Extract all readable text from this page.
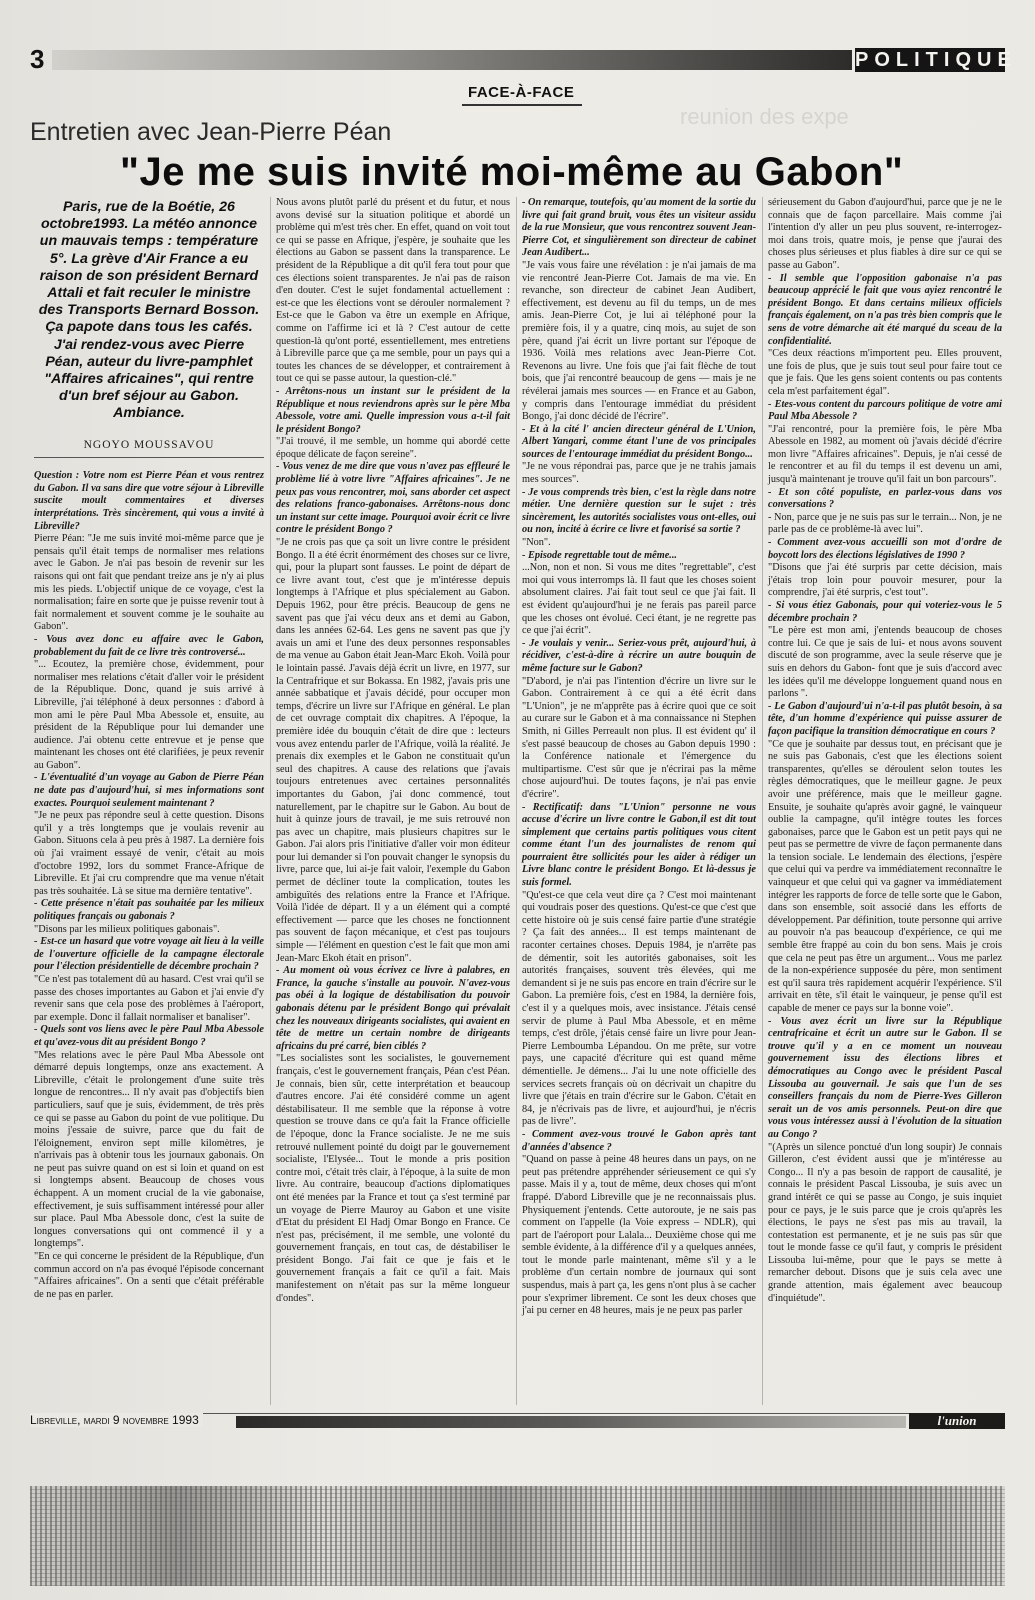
3	POLITIQUE
reunion des expe
FACE-À-FACE
Entretien avec Jean-Pierre Péan
"Je me suis invité moi-même au Gabon"
Paris, rue de la Boétie, 26 octobre1993. La météo annonce un mauvais temps : température 5°. La grève d'Air France a eu raison de son président Bernard Attali et fait reculer le ministre des Transports Bernard Bosson. Ça papote dans tous les cafés. J'ai rendez-vous avec Pierre Péan, auteur du livre-pamphlet "Affaires africaines", qui rentre d'un bref séjour au Gabon. Ambiance.
NGOYO MOUSSAVOU

Question : Votre nom est Pierre Péan et vous rentrez du Gabon. Il va sans dire que votre séjour à Libreville suscite moult commentaires et diverses interprétations. Très sincèrement, qui vous a invité à Libreville?

Pierre Péan: "Je me suis invité moi-même parce que je pensais qu'il était temps de normaliser mes relations avec le Gabon. Je n'ai pas besoin de revenir sur les raisons qui ont fait que pendant treize ans je n'y ai plus mis les pieds. L'objectif unique de ce voyage, c'est la normalisation; faire en sorte que je puisse revenir tout à fait normalement et souvent comme je le souhaite au Gabon".

- Vous avez donc eu affaire avec le Gabon, probablement du fait de ce livre très controversé...

"... Ecoutez, la première chose, évidemment, pour normaliser mes relations c'était d'aller voir le président de la République. Donc, quand je suis arrivé à Libreville, j'ai téléphoné à deux personnes : d'abord à mon ami le père Paul Mba Abessole et, ensuite, au président de la République pour lui demander une audience. J'ai obtenu cette entrevue et je pense que maintenant les choses ont été clarifiées, je peux revenir au Gabon".

- L'éventualité d'un voyage au Gabon de Pierre Péan ne date pas d'aujourd'hui, si mes informations sont exactes. Pourquoi seulement maintenant ?

"Je ne peux pas répondre seul à cette question. Disons qu'il y a très longtemps que je voulais revenir au Gabon. Situons cela à peu près à 1987. La dernière fois où j'ai vraiment essayé de venir, c'était au mois d'octobre 1992, lors du sommet France-Afrique de Libreville. Et j'ai cru comprendre que ma venue n'était pas très souhaitée. Là se situe ma dernière tentative".

- Cette présence n'était pas souhaitée par les milieux politiques français ou gabonais ?

"Disons par les milieux politiques gabonais".

- Est-ce un hasard que votre voyage ait lieu à la veille de l'ouverture officielle de la campagne électorale pour l'élection présidentielle de décembre prochain ?

"Ce n'est pas totalement dû au hasard. C'est vrai qu'il se passe des choses importantes au Gabon et j'ai envie d'y revenir sans que cela pose des problèmes à l'aéroport, par exemple. Donc il fallait normaliser et banaliser".

- Quels sont vos liens avec le père Paul Mba Abessole et qu'avez-vous dit au président Bongo ?

"Mes relations avec le père Paul Mba Abessole ont démarré depuis longtemps, onze ans exactement. A Libreville, c'était le prolongement d'une suite très longue de rencontres... Il n'y avait pas d'objectifs bien particuliers, sauf que je suis, évidemment, de très près ce qui se passe au Gabon du point de vue politique. Du moins j'essaie de suivre, parce que du fait de l'éloignement, environ sept mille kilomètres, je n'arrivais pas à obtenir tous les journaux gabonais. On ne peut pas suivre quand on est si loin et quand on est si longtemps absent. Beaucoup de choses vous échappent. A un moment crucial de la vie gabonaise, effectivement, je suis suffisamment intéressé pour aller sur place. Paul Mba Abessole donc, c'est la suite de longues conversations qui ont commencé il y a longtemps".

"En ce qui concerne le président de la République, d'un commun accord on n'a pas évoqué l'épisode concernant "Affaires africaines". On a senti que c'était préférable de ne pas en parler.

Nous avons plutôt parlé du présent et du futur, et nous avons devisé sur la situation politique et abordé un problème qui m'est très cher. En effet, quand on voit tout ce qui se passe en Afrique, j'espère, je souhaite que les élections au Gabon se passent dans la transparence. Le président de la République a dit qu'il fera tout pour que ces élections soient transparentes. Je n'ai pas de raison d'en douter. C'est le sujet fondamental actuellement : est-ce que les élections vont se dérouler normalement ? Est-ce que le Gabon va être un exemple en Afrique, comme on l'affirme ici et là ? C'est autour de cette question-là qu'ont porté, essentiellement, mes entretiens à Libreville parce que ça me semble, pour un pays qui a toutes les chances de se développer, et contrairement à tout ce qui se passe autour, la question-clé."

- Arrêtons-nous un instant sur le président de la République et nous reviendrons après sur le père Mba Abessole, votre ami. Quelle impression vous a-t-il fait le président Bongo?

"J'ai trouvé, il me semble, un homme qui abordé cette époque délicate de façon sereine".

- Vous venez de me dire que vous n'avez pas effleuré le problème lié à votre livre "Affaires africaines". Je ne peux pas vous rencontrer, moi, sans aborder cet aspect des relations franco-gabonaises. Arrêtons-nous donc un instant sur cette image. Pourquoi avoir écrit ce livre contre le président Bongo ?

"Je ne crois pas que ça soit un livre contre le président Bongo. Il a été écrit énormément des choses sur ce livre, qui, pour la plupart sont fausses. Le point de départ de ce livre avant tout, c'est que je m'intéresse depuis longtemps à l'Afrique et plus spécialement au Gabon. Depuis 1962, pour être précis. Beaucoup de gens ne savent pas que j'ai vécu deux ans et demi au Gabon, dans les années 62-64. Les gens ne savent pas que j'y avais un ami et l'une des deux personnes responsables de ma venue au Gabon était Jean-Marc Ekoh. Voilà pour le lointain passé. J'avais déjà écrit un livre, en 1977, sur la Centrafrique et sur Bokassa. En 1982, j'avais pris une année sabbatique et j'avais décidé, pour occuper mon temps, d'écrire un livre sur l'Afrique en général. Le plan de cet ouvrage comptait dix chapitres. A l'époque, la première idée du bouquin c'était de dire que : lecteurs vous avez entendu parler de l'Afrique, voilà la réalité. Je prenais dix exemples et le Gabon ne constituait qu'un seul des chapitres. A cause des relations que j'avais toujours entretenues avec certaines personnalités importantes du Gabon, j'ai donc commencé, tout naturellement, par le chapitre sur le Gabon. Au bout de huit à quinze jours de travail, je me suis retrouvé non pas avec un chapitre, mais plusieurs chapitres sur le Gabon. J'ai alors pris l'initiative d'aller voir mon éditeur pour lui demander si l'on pouvait changer le synopsis du livre, parce que, lui ai-je fait valoir, l'exemple du Gabon permet de décliner toute la complication, toutes les ambiguïtés des relations entre la France et l'Afrique. Voilà l'idée de départ. Il y a un élément qui a compté effectivement — parce que les choses ne fonctionnent pas souvent de façon mécanique, et c'est pas toujours simple — l'élément en question c'est le fait que mon ami Jean-Marc Ekoh était en prison".

- Au moment où vous écrivez ce livre à palabres, en France, la gauche s'installe au pouvoir. N'avez-vous pas obéi à la logique de déstabilisation du pouvoir gabonais détenu par le président Bongo qui prévalait chez les nouveaux dirigeants socialistes, qui avaient en tête de mettre un certain nombre de dirigeants africains du pré carré, bien ciblés ?

"Les socialistes sont les socialistes, le gouvernement français, c'est le gouvernement français, Péan c'est Péan. Je connais, bien sûr, cette interprétation et beaucoup d'autres encore. J'ai été considéré comme un agent déstabilisateur. Il me semble que la réponse à votre question se trouve dans ce qu'a fait la France officielle de l'époque, donc la France socialiste. Je ne me suis retrouvé nullement pointé du doigt par le gouvernement socialiste, l'Elysée... Tout le monde a pris position contre moi, c'était très clair, à l'époque, à la suite de mon livre. Au contraire, beaucoup d'actions diplomatiques ont été menées par la France et tout ça s'est terminé par un voyage de Pierre Mauroy au Gabon et une visite d'Etat du président El Hadj Omar Bongo en France. Ce n'est pas, précisément, il me semble, une volonté du gouvernement français, en tout cas, de déstabiliser le président Bongo. J'ai fait ce que je fais et le gouvernement français a fait ce qu'il a fait. Mais manifestement on n'était pas sur la même longueur d'ondes".

- On remarque, toutefois, qu'au moment de la sortie du livre qui fait grand bruit, vous êtes un visiteur assidu de la rue Monsieur, que vous rencontrez souvent Jean-Pierre Cot, et singulièrement son directeur de cabinet Jean Audibert...

"Je vais vous faire une révélation : je n'ai jamais de ma vie rencontré Jean-Pierre Cot. Jamais de ma vie. En revanche, son directeur de cabinet Jean Audibert, effectivement, est devenu au fil du temps, un de mes amis. Jean-Pierre Cot, je lui ai téléphoné pour la première fois, il y a quatre, cinq mois, au sujet de son père, quand j'ai écrit un livre portant sur l'époque de 1936. Voilà mes relations avec Jean-Pierre Cot. Revenons au livre. Une fois que j'ai fait flèche de tout bois, que j'ai rencontré beaucoup de gens — mais je ne révélerai jamais mes sources — en France et au Gabon, y compris dans l'entourage immédiat du président Bongo, j'ai donc décidé de l'écrire".

- Et à la cité l' ancien directeur général de L'Union, Albert Yangari, comme étant l'une de vos principales sources de l'entourage immédiat du président Bongo...

"Je ne vous répondrai pas, parce que je ne trahis jamais mes sources".

- Je vous comprends très bien, c'est la règle dans notre métier. Une dernière question sur le sujet : très sincèrement, les autorités socialistes vous ont-elles, oui ou non, incité à écrire ce livre et favorisé sa sortie ?

"Non".

- Episode regrettable tout de même...

...Non, non et non. Si vous me dites "regrettable", c'est moi qui vous interromps là. Il faut que les choses soient absolument claires. J'ai fait tout seul ce que j'ai fait. Il est évident qu'aujourd'hui je ne ferais pas pareil parce que les choses ont évolué. Ceci étant, je ne regrette pas ce que j'ai écrit".

- Je voulais y venir... Seriez-vous prêt, aujourd'hui, à récidiver, c'est-à-dire à récrire un autre bouquin de même facture sur le Gabon?

"D'abord, je n'ai pas l'intention d'écrire un livre sur le Gabon. Contrairement à ce qui a été écrit dans "L'Union", je ne m'apprête pas à écrire quoi que ce soit au curare sur le Gabon et à ma connaissance ni Stephen Smith, ni Gilles Perreault non plus. Il est évident qu' il s'est passé beaucoup de choses au Gabon depuis 1990 : la Conférence nationale et l'émergence du multipartisme. C'est sûr que je n'écrirai pas la même chose aujourd'hui. De toutes façons, je n'ai pas envie d'écrire".

- Rectificatif: dans "L'Union" personne ne vous accuse d'écrire un livre contre le Gabon,il est dit tout simplement que certains partis politiques vous citent comme étant l'un des journalistes de renom qui pourraient être sollicités pour les aider à rédiger un Livre blanc contre le président Bongo. Et là-dessus je suis formel.

"Qu'est-ce que cela veut dire ça ? C'est moi maintenant qui voudrais poser des questions. Qu'est-ce que c'est que cette histoire où je suis censé faire partie d'une stratégie ? Ça fait des années... Il est temps maintenant de raconter certaines choses. Depuis 1984, je n'arrête pas de démentir, soit les autorités gabonaises, soit les autorités françaises, souvent très élevées, qui me demandent si je ne suis pas encore en train d'écrire sur le Gabon. La première fois, c'est en 1984, la dernière fois, c'est il y a quelques mois, avec insistance. J'étais censé servir de plume à Paul Mba Abessole, et en même temps, c'est drôle, j'étais censé faire un livre pour Jean-Pierre Lemboumba Lépandou. On me prête, sur votre pays, une capacité d'écriture qui est quand même démentielle. Je démens... J'ai lu une note officielle des services secrets français où on décrivait un chapitre du livre que j'étais en train d'écrire sur le Gabon. C'était en 84, je n'écrivais pas de livre, et aujourd'hui, je n'écris pas de livre".

- Comment avez-vous trouvé le Gabon après tant d'années d'absence ?

"Quand on passe à peine 48 heures dans un pays, on ne peut pas prétendre appréhender sérieusement ce qui s'y passe. Mais il y a, tout de même, deux choses qui m'ont frappé. D'abord Libreville que je ne reconnaissais plus. Physiquement j'entends. Cette autoroute, je ne sais pas comment on l'appelle (la Voie express – NDLR), qui part de l'aéroport pour Lalala... Deuxième chose qui me semble évidente, à la différence d'il y a quelques années, tout le monde parle maintenant, même s'il y a le problème d'un certain nombre de journaux qui sont suspendus, mais à part ça, les gens n'ont plus à se cacher pour s'exprimer librement. Ce sont les deux choses que j'ai pu cerner en 48 heures, mais je ne peux pas parler

sérieusement du Gabon d'aujourd'hui, parce que je ne le connais que de façon parcellaire. Mais comme j'ai l'intention d'y aller un peu plus souvent, re-interrogez- moi dans trois, quatre mois, je pense que j'aurai des choses plus sérieuses et plus fiables à dire sur ce qui se passe au Gabon".

- Il semble que l'opposition gabonaise n'a pas beaucoup apprécié le fait que vous ayiez rencontré le président Bongo. Et dans certains milieux officiels français également, on n'a pas très bien compris que le sens de votre démarche ait été marqué du sceau de la confidentialité.

"Ces deux réactions m'importent peu. Elles prouvent, une fois de plus, que je suis tout seul pour faire tout ce que je fais. Que les gens soient contents ou pas contents cela m'est parfaitement égal".

- Etes-vous content du parcours politique de votre ami Paul Mba Abessole ?

"J'ai rencontré, pour la première fois, le père Mba Abessole en 1982, au moment où j'avais décidé d'écrire mon livre "Affaires africaines". Depuis, je n'ai cessé de le rencontrer et au fil du temps il est devenu un ami, jusqu'à maintenant je trouve qu'il fait un bon parcours".

- Et son côté populiste, en parlez-vous dans vos conversations ?

- Non, parce que je ne suis pas sur le terrain... Non, je ne parle pas de ce problème-là avec lui".

- Comment avez-vous accueilli son mot d'ordre de boycott lors des élections législatives de 1990 ?

"Disons que j'ai été surpris par cette décision, mais j'étais trop loin pour pouvoir mesurer, pour la comprendre, j'ai été surpris, c'est tout".

- Si vous étiez Gabonais, pour qui voteriez-vous le 5 décembre prochain ?

"Le père est mon ami, j'entends beaucoup de choses contre lui. Ce que je sais de lui- et nous avons souvent discuté de son programme, avec la seule réserve que je suis en dehors du Gabon- font que je suis d'accord avec les idées qu'il me développe longuement quand nous en parlons ".

- Le Gabon d'aujourd'ui n'a-t-il pas plutôt besoin, à sa tête, d'un homme d'expérience qui puisse assurer de façon pacifique la transition démocratique en cours ?

"Ce que je souhaite par dessus tout, en précisant que je ne suis pas Gabonais, c'est que les élections soient transparentes, qu'elles se déroulent selon toutes les règles démocratiques, que le meilleur gagne. Je peux avoir une préférence, mais que le meilleur gagne. Ensuite, je souhaite qu'après avoir gagné, le vainqueur oublie la campagne, qu'il intègre toutes les forces gabonaises, parce que le Gabon est un petit pays qui ne peut pas se permettre de vivre de façon permanente dans la tension sociale. Le lendemain des élections, j'espère que celui qui va perdre va immédiatement reconnaître le vainqueur et que celui qui va gagner va immédiatement intégrer les rapports de force de telle sorte que le Gabon, dans son ensemble, soit associé dans les efforts de développement. Par définition, toute personne qui arrive au pouvoir n'a pas beaucoup d'expérience, ce qui me semble être frappé au coin du bon sens. Mais je crois que cela ne peut pas être un argument... Vous me parlez de la non-expérience supposée du père, mon sentiment est qu'il saura très rapidement acquérir l'expérience. S'il arrivait en tête, s'il était le vainqueur, je pense qu'il est capable de mener ce pays sur la bonne voie".

- Vous avez écrit un livre sur la République centrafricaine et écrit un autre sur le Gabon. Il se trouve qu'il y a en ce moment un nouveau gouvernement issu des élections libres et démocratiques au Congo avec le président Pascal Lissouba au gouvernail. Je sais que l'un de ses conseillers français du nom de Pierre-Yves Gilleron serait un de vos amis personnels. Peut-on dire que vous vous intéressez aussi à l'évolution de la situation au Congo ?

"(Après un silence ponctué d'un long soupir) Je connais Gilleron, c'est évident aussi que je m'intéresse au Congo... Il n'y a pas besoin de rapport de causalité, je connais le président Pascal Lissouba, je suis avec un grand intérêt ce qui se passe au Congo, je suis inquiet pour ce pays, je le suis parce que je crois qu'après les élections, le pays ne s'est pas mis au travail, la contestation est permanente, et je ne suis pas sûr que tout le monde fasse ce qu'il faut, y compris le président Lissouba lui-même, pour que le pays se mette à remarcher debout. Disons que je suis cela avec une grande attention, mais également avec beaucoup d'inquiétude".

Libreville, mardi 9 novembre 1993	l'union
